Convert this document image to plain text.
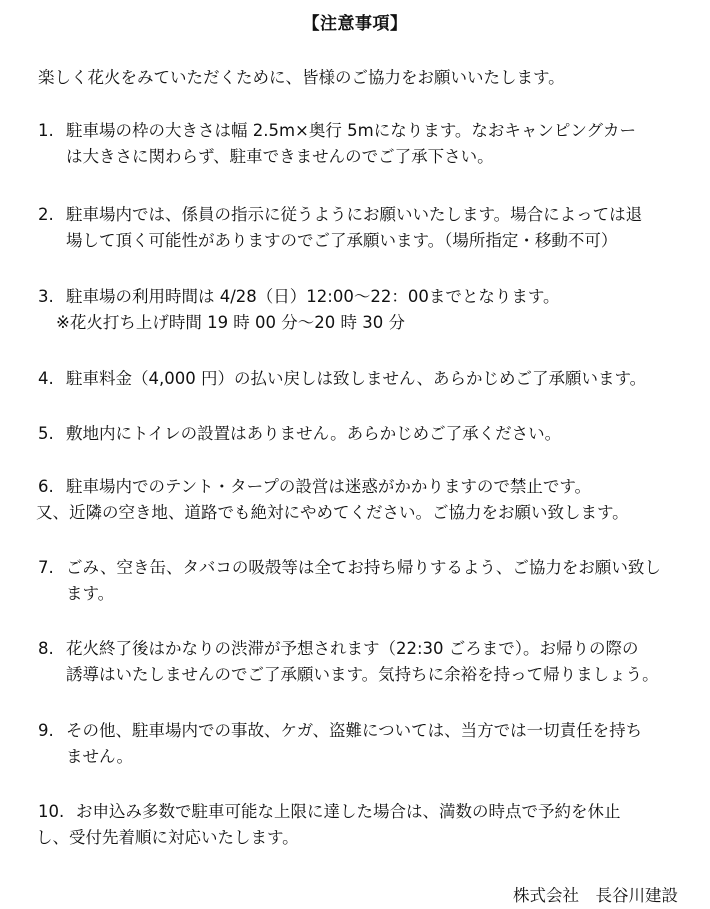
【注意事項】
楽しく花火をみていただくために、皆様のご協力をお願いいたします。
1. 駐車場の枠の大きさは幅 2.5m×奥行 5mになります。なおキャンピングカー
は大きさに関わらず、駐車できませんのでご了承下さい。
2. 駐車場内では、係員の指示に従うようにお願いいたします。場合によっては退
場して頂く可能性がありますのでご了承願います。（場所指定・移動不可）
3. 駐車場の利用時間は 4/28（日）12:00～22：00までとなります。
※花火打ち上げ時間 19 時 00 分～20 時 30 分
4. 駐車料金（4,000 円）の払い戻しは致しません、あらかじめご了承願います。
5. 敷地内にトイレの設置はありません。あらかじめご了承ください。
6. 駐車場内でのテント・タープの設営は迷惑がかかりますので禁止です。
又、近隣の空き地、道路でも絶対にやめてください。ご協力をお願い致します。
7. ごみ、空き缶、タバコの吸殻等は全てお持ち帰りするよう、ご協力をお願い致し
ます。
8. 花火終了後はかなりの渋滞が予想されます（22:30 ごろまで）。お帰りの際の
誘導はいたしませんのでご了承願います。気持ちに余裕を持って帰りましょう。
9. その他、駐車場内での事故、ケガ、盗難については、当方では一切責任を持ち
ません。
10. お申込み多数で駐車可能な上限に達した場合は、満数の時点で予約を休止
し、受付先着順に対応いたします。
株式会社　長谷川建設
